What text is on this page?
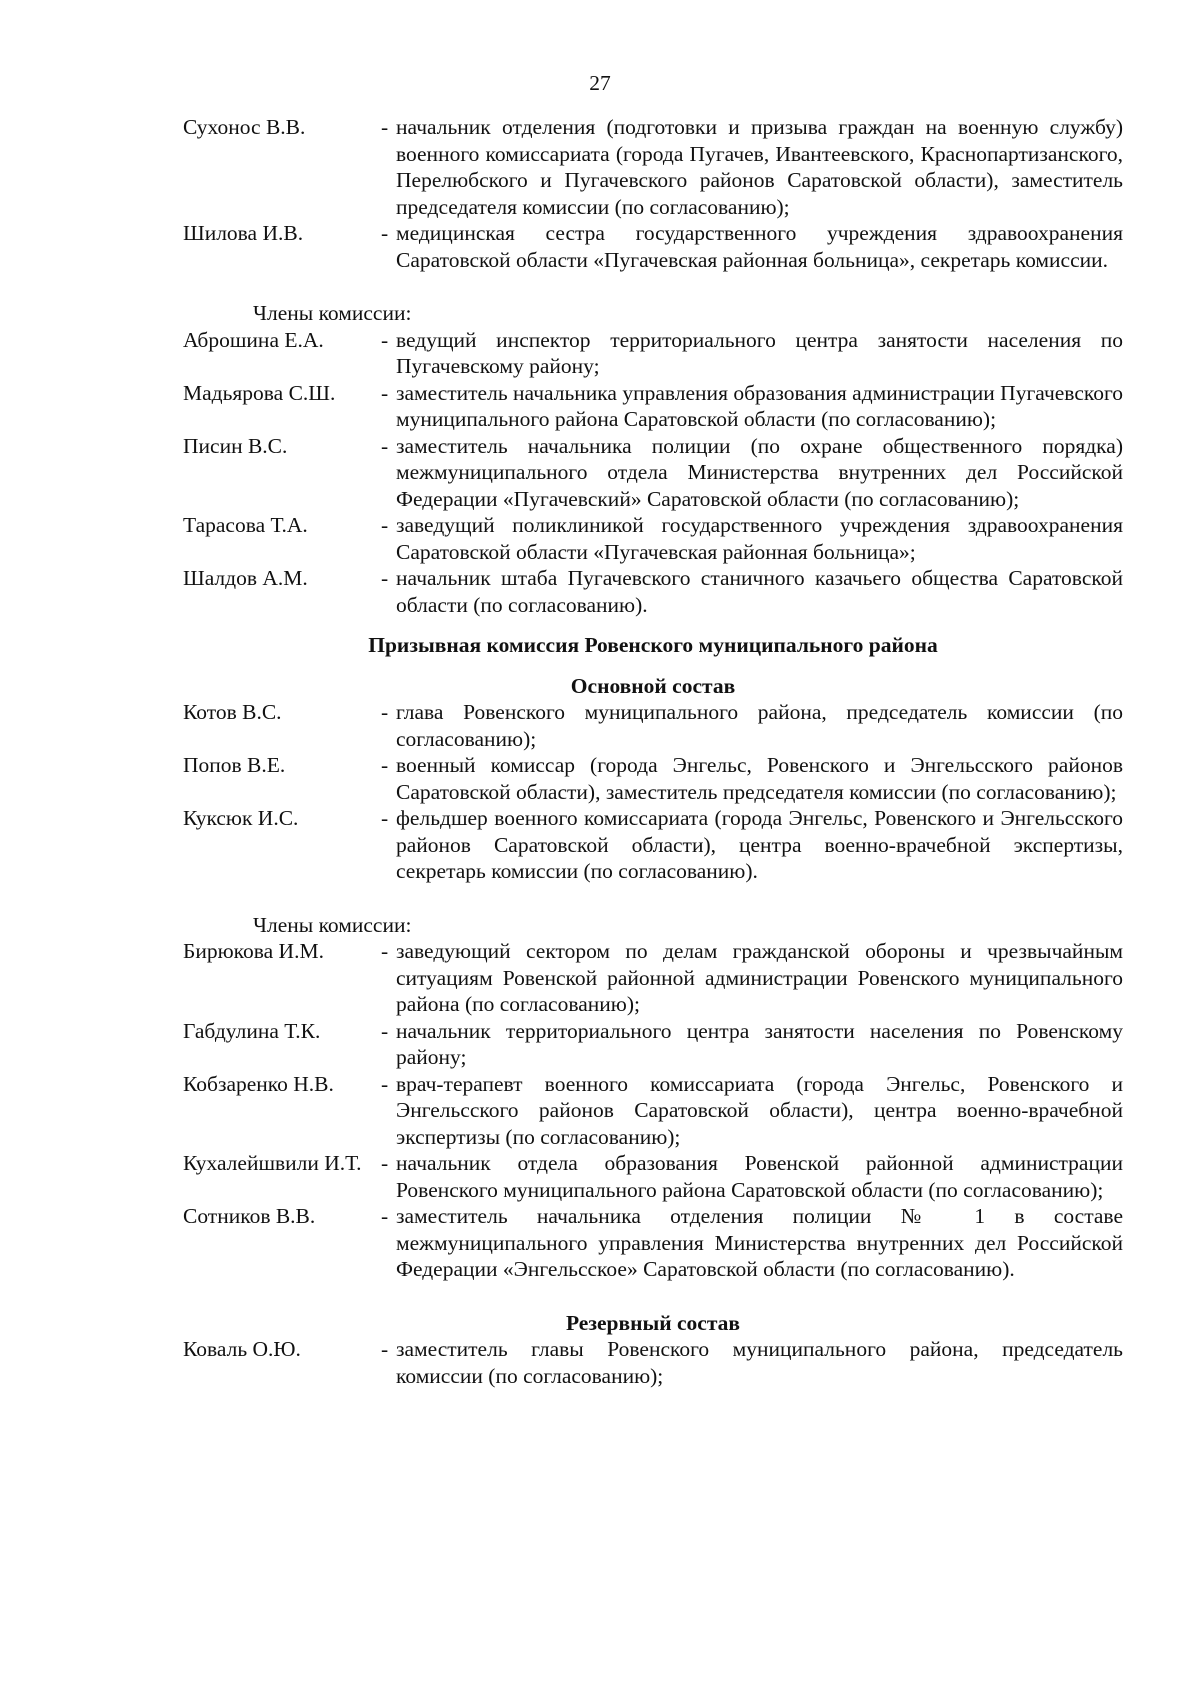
27
Сухонос В.В.	- начальник отделения (подготовки и призыва граждан на военную службу) военного комиссариата (города Пугачев, Ивантеевского, Краснопартизанского, Перелюбского и Пугачевского районов Саратовской области), заместитель председателя комиссии (по согласованию);
Шилова И.В.	- медицинская сестра государственного учреждения здравоохранения Саратовской области «Пугачевская районная больница», секретарь комиссии.
Члены комиссии:
Аброшина Е.А.	- ведущий инспектор территориального центра занятости населения по Пугачевскому району;
Мадьярова С.Ш.	- заместитель начальника управления образования администрации Пугачевского муниципального района Саратовской области (по согласованию);
Писин В.С.	- заместитель начальника полиции (по охране общественного порядка) межмуниципального отдела Министерства внутренних дел Российской Федерации «Пугачевский» Саратовской области (по согласованию);
Тарасова Т.А.	- заведущий поликлиникой государственного учреждения здравоохранения Саратовской области «Пугачевская районная больница»;
Шалдов А.М.	- начальник штаба Пугачевского станичного казачьего общества Саратовской области (по согласованию).
Призывная комиссия Ровенского муниципального района
Основной состав
Котов В.С.	- глава Ровенского муниципального района, председатель комиссии (по согласованию);
Попов В.Е.	- военный комиссар (города Энгельс, Ровенского и Энгельсского районов Саратовской области), заместитель председателя комиссии (по согласованию);
Куксюк И.С.	- фельдшер военного комиссариата (города Энгельс, Ровенского и Энгельсского районов Саратовской области), центра военно-врачебной экспертизы, секретарь комиссии (по согласованию).
Члены комиссии:
Бирюкова И.М.	- заведующий сектором по делам гражданской обороны и чрезвычайным ситуациям Ровенской районной администрации Ровенского муниципального района (по согласованию);
Габдулина Т.К.	- начальник территориального центра занятости населения по Ровенскому району;
Кобзаренко Н.В.	- врач-терапевт военного комиссариата (города Энгельс, Ровенского и Энгельсского районов Саратовской области), центра военно-врачебной экспертизы (по согласованию);
Кухалейшвили И.Т. - начальник отдела образования Ровенской районной администрации Ровенского муниципального района Саратовской области (по согласованию);
Сотников В.В.	- заместитель начальника отделения полиции № 1 в составе межмуниципального управления Министерства внутренних дел Российской Федерации «Энгельсское» Саратовской области (по согласованию).
Резервный состав
Коваль О.Ю.	- заместитель главы Ровенского муниципального района, председатель комиссии (по согласованию);
